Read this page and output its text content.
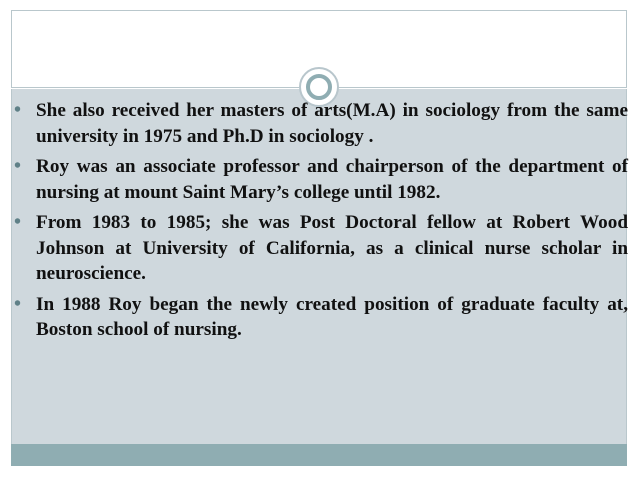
• She also received her masters of arts(M.A) in sociology from the same university in 1975 and Ph.D in sociology .
• Roy was an associate professor and chairperson of the department of nursing at mount Saint Mary’s college until 1982.
• From 1983 to 1985; she was Post Doctoral fellow at Robert Wood Johnson at University of California, as a clinical nurse scholar in neuroscience.
• In 1988 Roy began the newly created position of graduate faculty at, Boston school of nursing.
